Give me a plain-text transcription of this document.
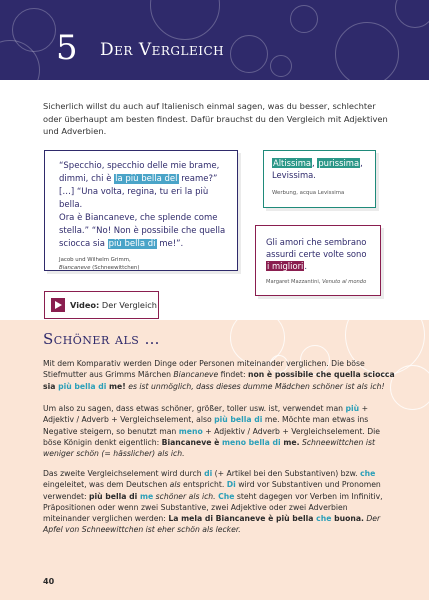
5 Der Vergleich
Sicherlich willst du auch auf Italienisch einmal sagen, was du besser, schlechter oder überhaupt am besten findest. Dafür brauchst du den Vergleich mit Adjektiven und Adverbien.
“Specchio, specchio delle mie brame,
dimmi, chi è la più bella del reame?”
[…] “Una volta, regina, tu eri la più bella.
Ora è Biancaneve, che splende come
stella.” “No! Non è possibile che quella
sciocca sia più bella di me!”.
Jacob und Wilhelm Grimm,
Biancaneve (Schneewittchen)
Altissima, purissima,
Levissima.
Werbung, acqua Levissima
Gli amori che sembrano
assurdi certe volte sono
i migliori.
Margaret Mazzantini, Venuto al mondo
Video: Der Vergleich
Schöner als …
Mit dem Komparativ werden Dinge oder Personen miteinander verglichen. Die böse Stiefmutter aus Grimms Märchen Biancaneve findet: non è possibile che quella sciocca sia più bella di me! es ist unmöglich, dass dieses dumme Mädchen schöner ist als ich!
Um also zu sagen, dass etwas schöner, größer, toller usw. ist, verwendet man più + Adjektiv / Adverb + Vergleichselement, also più bella di me. Möchte man etwas ins Negative steigern, so benutzt man meno + Adjektiv / Adverb + Vergleichselement. Die böse Königin denkt eigentlich: Biancaneve è meno bella di me. Schneewittchen ist weniger schön (= hässlicher) als ich.
Das zweite Vergleichselement wird durch di (+ Artikel bei den Substantiven) bzw. che eingeleitet, was dem Deutschen als entspricht. Di wird vor Substantiven und Pronomen verwendet: più bella di me schöner als ich. Che steht dagegen vor Verben im Infinitiv, Präpositionen oder wenn zwei Substantive, zwei Adjektive oder zwei Adverbien miteinander verglichen werden: La mela di Biancaneve è più bella che buona. Der Apfel von Schneewittchen ist eher schön als lecker.
40
